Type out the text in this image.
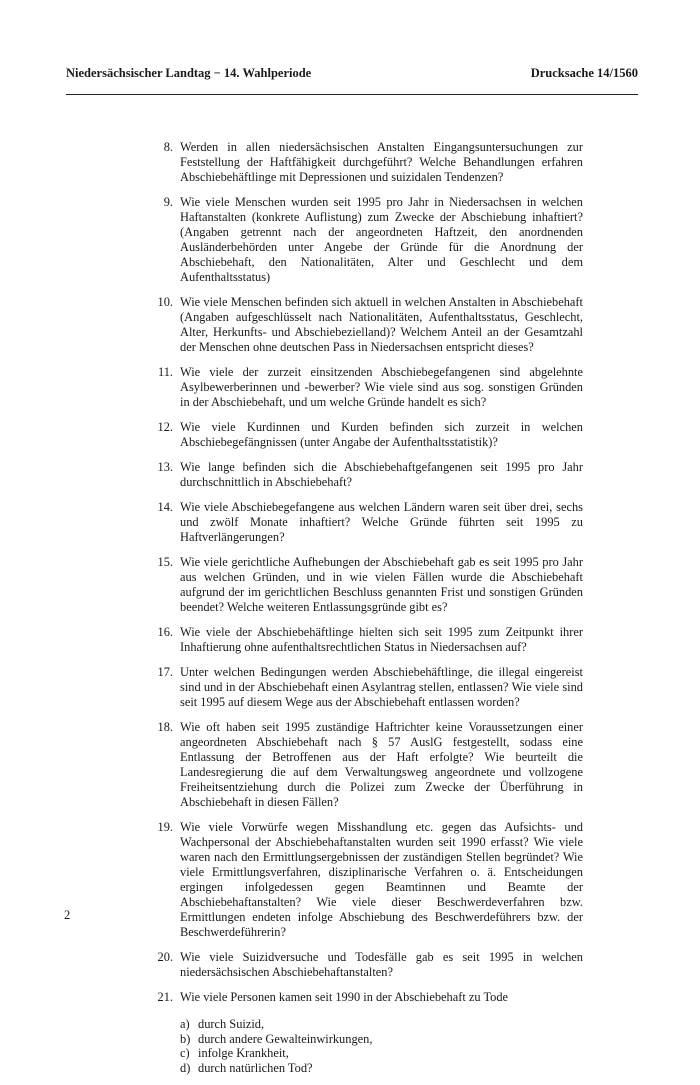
Niedersächsischer Landtag − 14. Wahlperiode	Drucksache 14/1560
8. Werden in allen niedersächsischen Anstalten Eingangsuntersuchungen zur Feststellung der Haftfähigkeit durchgeführt? Welche Behandlungen erfahren Abschiebehäftlinge mit Depressionen und suizidalen Tendenzen?
9. Wie viele Menschen wurden seit 1995 pro Jahr in Niedersachsen in welchen Haftanstalten (konkrete Auflistung) zum Zwecke der Abschiebung inhaftiert? (Angaben getrennt nach der angeordneten Haftzeit, den anordnenden Ausländerbehörden unter Angebe der Gründe für die Anordnung der Abschiebehaft, den Nationalitäten, Alter und Geschlecht und dem Aufenthaltsstatus)
10. Wie viele Menschen befinden sich aktuell in welchen Anstalten in Abschiebehaft (Angaben aufgeschlüsselt nach Nationalitäten, Aufenthaltsstatus, Geschlecht, Alter, Herkunfts- und Abschiebezielland)? Welchem Anteil an der Gesamtzahl der Menschen ohne deutschen Pass in Niedersachsen entspricht dieses?
11. Wie viele der zurzeit einsitzenden Abschiebegefangenen sind abgelehnte Asylbewerberinnen und -bewerber? Wie viele sind aus sog. sonstigen Gründen in der Abschiebehaft, und um welche Gründe handelt es sich?
12. Wie viele Kurdinnen und Kurden befinden sich zurzeit in welchen Abschiebegefängnissen (unter Angabe der Aufenthaltsstatistik)?
13. Wie lange befinden sich die Abschiebehaftgefangenen seit 1995 pro Jahr durchschnittlich in Abschiebehaft?
14. Wie viele Abschiebegefangene aus welchen Ländern waren seit über drei, sechs und zwölf Monate inhaftiert? Welche Gründe führten seit 1995 zu Haftverlängerungen?
15. Wie viele gerichtliche Aufhebungen der Abschiebehaft gab es seit 1995 pro Jahr aus welchen Gründen, und in wie vielen Fällen wurde die Abschiebehaft aufgrund der im gerichtlichen Beschluss genannten Frist und sonstigen Gründen beendet? Welche weiteren Entlassungsgründe gibt es?
16. Wie viele der Abschiebehäftlinge hielten sich seit 1995 zum Zeitpunkt ihrer Inhaftierung ohne aufenthaltsrechtlichen Status in Niedersachsen auf?
17. Unter welchen Bedingungen werden Abschiebehäftlinge, die illegal eingereist sind und in der Abschiebehaft einen Asylantrag stellen, entlassen? Wie viele sind seit 1995 auf diesem Wege aus der Abschiebehaft entlassen worden?
18. Wie oft haben seit 1995 zuständige Haftrichter keine Voraussetzungen einer angeordneten Abschiebehaft nach § 57 AuslG festgestellt, sodass eine Entlassung der Betroffenen aus der Haft erfolgte? Wie beurteilt die Landesregierung die auf dem Verwaltungsweg angeordnete und vollzogene Freiheitsentziehung durch die Polizei zum Zwecke der Überführung in Abschiebehaft in diesen Fällen?
19. Wie viele Vorwürfe wegen Misshandlung etc. gegen das Aufsichts- und Wachpersonal der Abschiebehaftanstalten wurden seit 1990 erfasst? Wie viele waren nach den Ermittlungsergebnissen der zuständigen Stellen begründet? Wie viele Ermittlungsverfahren, disziplinarische Verfahren o. ä. Entscheidungen ergingen infolgedessen gegen Beamtinnen und Beamte der Abschiebehaftanstalten? Wie viele dieser Beschwerdeverfahren bzw. Ermittlungen endeten infolge Abschiebung des Beschwerdeführers bzw. der Beschwerdeführerin?
20. Wie viele Suizidversuche und Todesfälle gab es seit 1995 in welchen niedersächsischen Abschiebehaftanstalten?
21. Wie viele Personen kamen seit 1990 in der Abschiebehaft zu Tode
a) durch Suizid,
b) durch andere Gewalteinwirkungen,
c) infolge Krankheit,
d) durch natürlichen Tod?
2
